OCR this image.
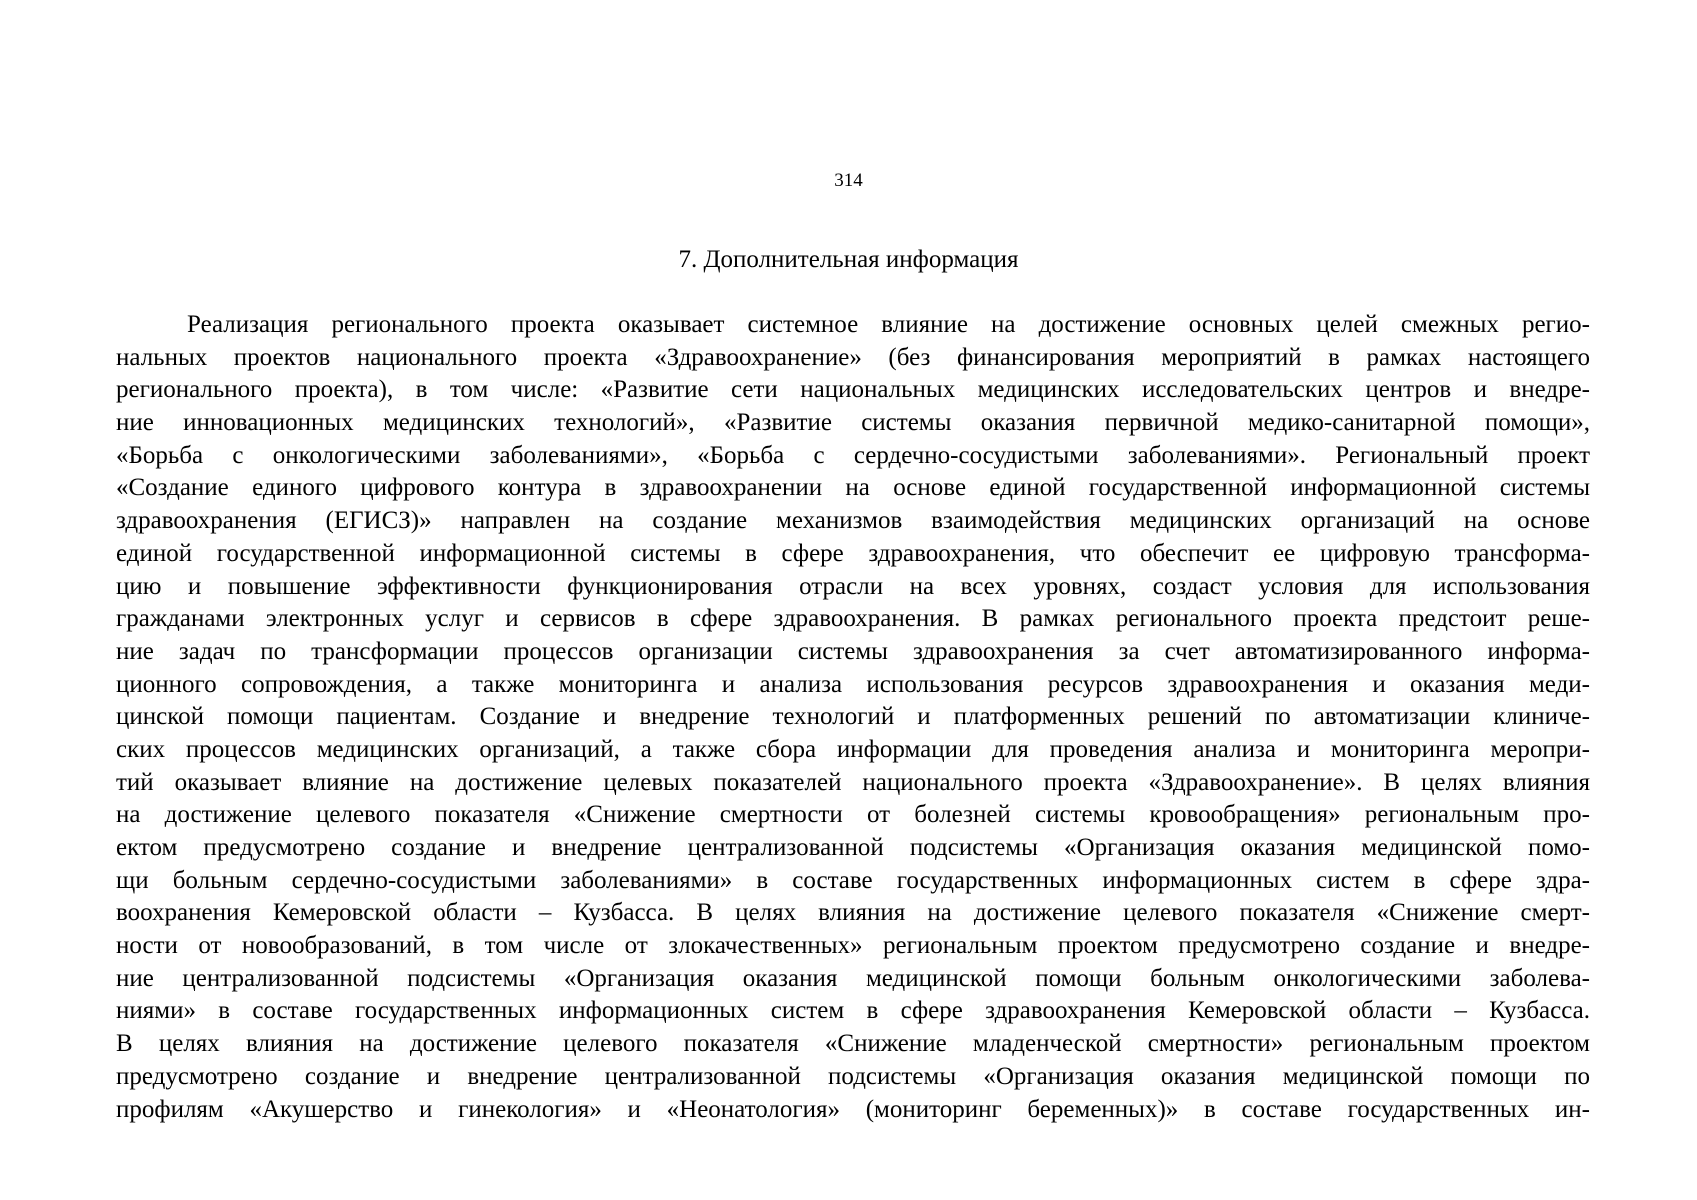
314
7. Дополнительная информация
Реализация регионального проекта оказывает системное влияние на достижение основных целей смежных регио-
нальных проектов национального проекта «Здравоохранение» (без финансирования мероприятий в рамках настоящего
регионального проекта), в том числе: «Развитие сети национальных медицинских исследовательских центров и внедре-
ние инновационных медицинских технологий», «Развитие системы оказания первичной медико-санитарной помощи»,
«Борьба с онкологическими заболеваниями», «Борьба с сердечно-сосудистыми заболеваниями». Региональный проект
«Создание единого цифрового контура в здравоохранении на основе единой государственной информационной системы
здравоохранения (ЕГИСЗ)» направлен на создание механизмов взаимодействия медицинских организаций на основе
единой государственной информационной системы в сфере здравоохранения, что обеспечит ее цифровую трансформа-
цию и повышение эффективности функционирования отрасли на всех уровнях, создаст условия для использования
гражданами электронных услуг и сервисов в сфере здравоохранения. В рамках регионального проекта предстоит реше-
ние задач по трансформации процессов организации системы здравоохранения за счет автоматизированного информа-
ционного сопровождения, а также мониторинга и анализа использования ресурсов здравоохранения и оказания меди-
цинской помощи пациентам. Создание и внедрение технологий и платформенных решений по автоматизации клиниче-
ских процессов медицинских организаций, а также сбора информации для проведения анализа и мониторинга меропри-
тий оказывает влияние на достижение целевых показателей национального проекта «Здравоохранение». В целях влияния
на достижение целевого показателя «Снижение смертности от болезней системы кровообращения» региональным про-
ектом предусмотрено создание и внедрение централизованной подсистемы «Организация оказания медицинской помо-
щи больным сердечно-сосудистыми заболеваниями» в составе государственных информационных систем в сфере здра-
воохранения Кемеровской области – Кузбасса. В целях влияния на достижение целевого показателя «Снижение смерт-
ности от новообразований, в том числе от злокачественных» региональным проектом предусмотрено создание и внедре-
ние централизованной подсистемы «Организация оказания медицинской помощи больным онкологическими заболева-
ниями» в составе государственных информационных систем в сфере здравоохранения Кемеровской области – Кузбасса.
В целях влияния на достижение целевого показателя «Снижение младенческой смертности» региональным проектом
предусмотрено создание и внедрение централизованной подсистемы «Организация оказания медицинской помощи по
профилям «Акушерство и гинекология» и «Неонатология» (мониторинг беременных)» в составе государственных ин-
